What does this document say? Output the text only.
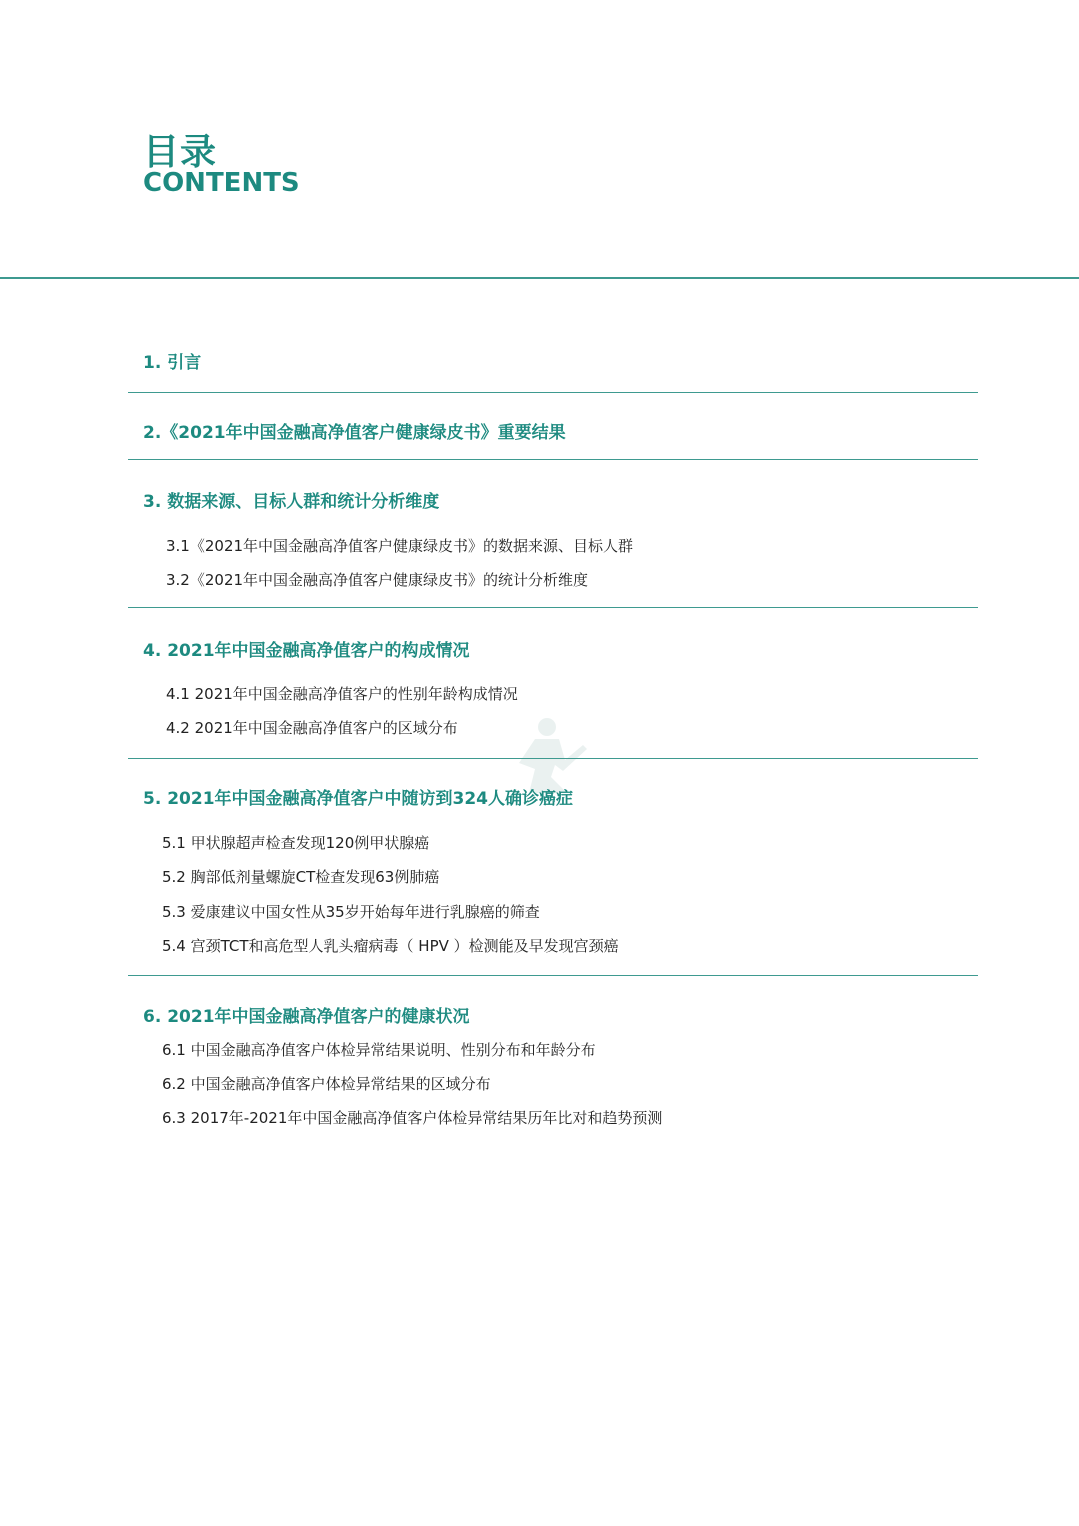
目录
CONTENTS
1. 引言
2.《2021年中国金融高净值客户健康绿皮书》重要结果
3. 数据来源、目标人群和统计分析维度
3.1《2021年中国金融高净值客户健康绿皮书》的数据来源、目标人群
3.2《2021年中国金融高净值客户健康绿皮书》的统计分析维度
4. 2021年中国金融高净值客户的构成情况
4.1 2021年中国金融高净值客户的性别年龄构成情况
4.2 2021年中国金融高净值客户的区域分布
5. 2021年中国金融高净值客户中随访到324人确诊癌症
5.1 甲状腺超声检查发现120例甲状腺癌
5.2 胸部低剂量螺旋CT检查发现63例肺癌
5.3 爱康建议中国女性从35岁开始每年进行乳腺癌的筛查
5.4 宫颈TCT和高危型人乳头瘤病毒（ HPV ）检测能及早发现宫颈癌
6. 2021年中国金融高净值客户的健康状况
6.1 中国金融高净值客户体检异常结果说明、性别分布和年龄分布
6.2 中国金融高净值客户体检异常结果的区域分布
6.3 2017年-2021年中国金融高净值客户体检异常结果历年比对和趋势预测
